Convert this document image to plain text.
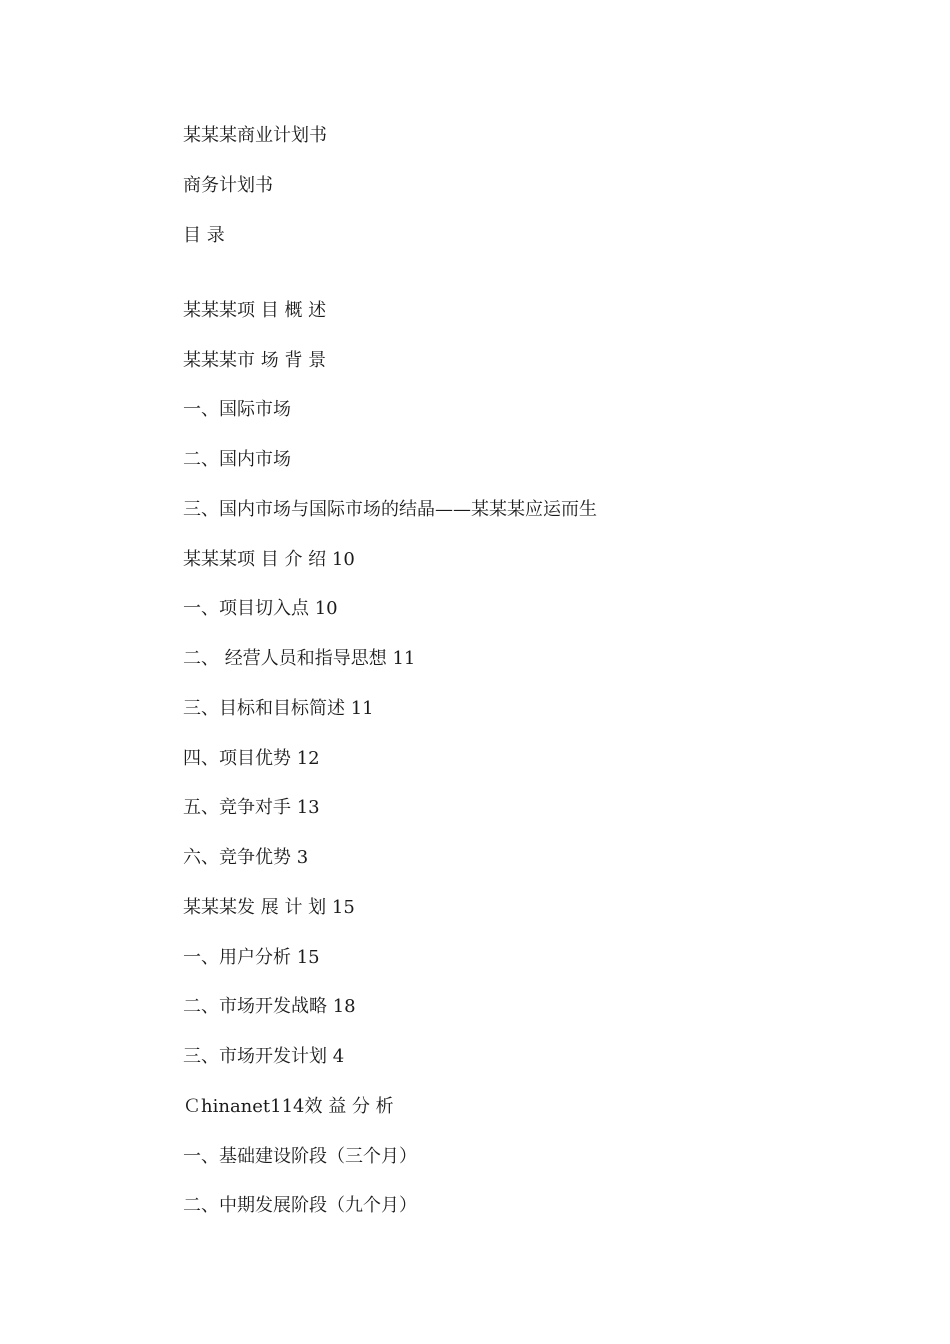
某某某商业计划书
商务计划书
目 录
某某某项 目 概 述
某某某市 场 背 景
一、国际市场
二、国内市场
三、国内市场与国际市场的结晶——某某某应运而生
某某某项 目 介 绍 10
一、项目切入点 10
二、 经营人员和指导思想 11
三、目标和目标简述 11
四、项目优势 12
五、竞争对手 13
六、竞争优势 3
某某某发 展 计 划 15
一、用户分析 15
二、市场开发战略 18
三、市场开发计划 4
Ｃhinanet114效 益 分 析
一、基础建设阶段（三个月）
二、中期发展阶段（九个月）
